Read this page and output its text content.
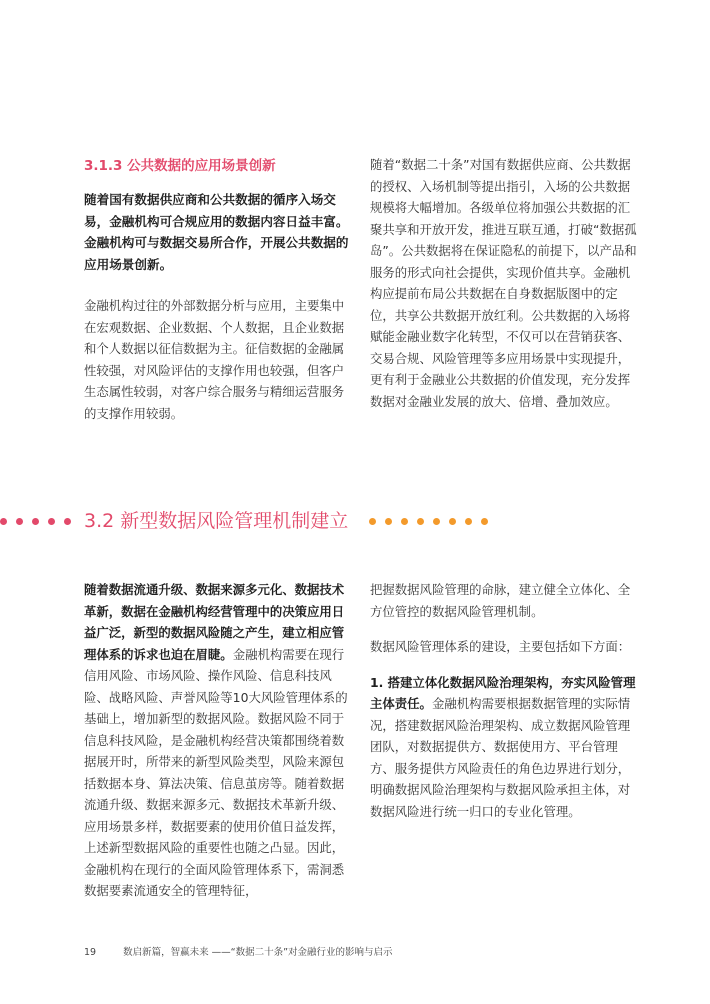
3.1.3 公共数据的应用场景创新

随着国有数据供应商和公共数据的循序入场交易，金融机构可合规应用的数据内容日益丰富。金融机构可与数据交易所合作，开展公共数据的应用场景创新。

金融机构过往的外部数据分析与应用，主要集中在宏观数据、企业数据、个人数据，且企业数据和个人数据以征信数据为主。征信数据的金融属性较强，对风险评估的支撑作用也较强，但客户生态属性较弱，对客户综合服务与精细运营服务的支撑作用较弱。

随着“数据二十条”对国有数据供应商、公共数据的授权、入场机制等提出指引，入场的公共数据规模将大幅增加。各级单位将加强公共数据的汇聚共享和开放开发，推进互联互通，打破“数据孤岛”。公共数据将在保证隐私的前提下，以产品和服务的形式向社会提供，实现价值共享。金融机构应提前布局公共数据在自身数据版图中的定位，共享公共数据开放红利。公共数据的入场将赋能金融业数字化转型，不仅可以在营销获客、交易合规、风险管理等多应用场景中实现提升，更有利于金融业公共数据的价值发现，充分发挥数据对金融业发展的放大、倍增、叠加效应。

3.2 新型数据风险管理机制建立

随着数据流通升级、数据来源多元化、数据技术革新，数据在金融机构经营管理中的决策应用日益广泛，新型的数据风险随之产生，建立相应管理体系的诉求也迫在眉睫。金融机构需要在现行信用风险、市场风险、操作风险、信息科技风险、战略风险、声誉风险等10大风险管理体系的基础上，增加新型的数据风险。数据风险不同于信息科技风险，是金融机构经营决策都围绕着数据展开时，所带来的新型风险类型，风险来源包括数据本身、算法决策、信息茧房等。随着数据流通升级、数据来源多元、数据技术革新升级、应用场景多样，数据要素的使用价值日益发挥，上述新型数据风险的重要性也随之凸显。因此，金融机构在现行的全面风险管理体系下，需洞悉数据要素流通安全的管理特征，

把握数据风险管理的命脉，建立健全立体化、全方位管控的数据风险管理机制。

数据风险管理体系的建设，主要包括如下方面：

1. 搭建立体化数据风险治理架构，夯实风险管理主体责任。金融机构需要根据数据管理的实际情况，搭建数据风险治理架构、成立数据风险管理团队，对数据提供方、数据使用方、平台管理方、服务提供方风险责任的角色边界进行划分，明确数据风险治理架构与数据风险承担主体，对数据风险进行统一归口的专业化管理。

19	数启新篇，智赢未来 ——“数据二十条”对金融行业的影响与启示
